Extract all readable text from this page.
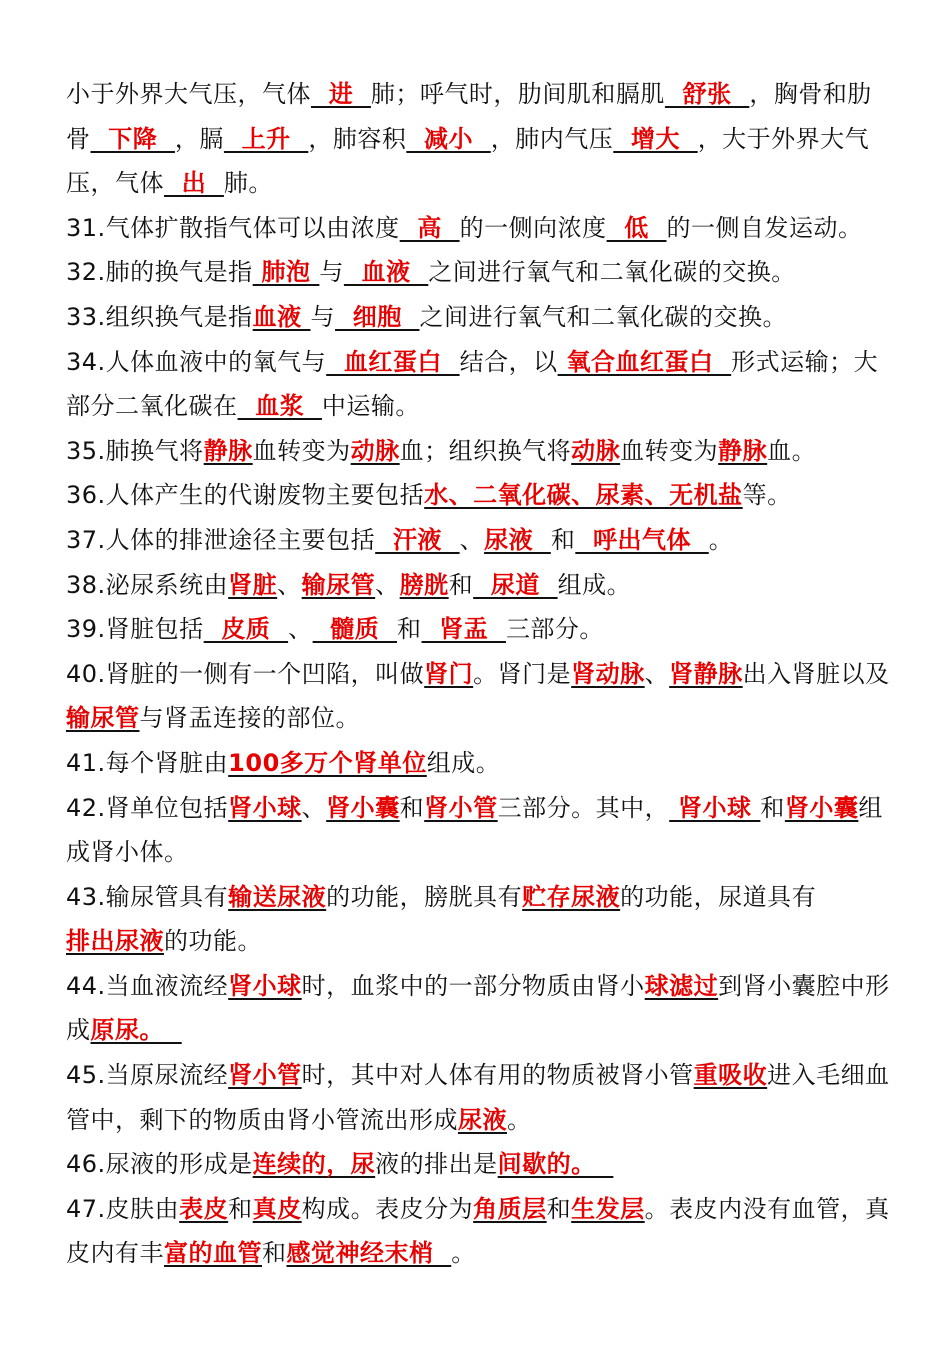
小于外界大气压，气体  进  肺；呼气时，肋间肌和膈肌  舒张  ，胸骨和肋骨  下降  ，膈  上升  ，肺容积  减小  ，肺内气压  增大  ，大于外界大气压，气体  出  肺。

31.气体扩散指气体可以由浓度  高  的一侧向浓度  低  的一侧自发运动。

32.肺的换气是指 肺泡 与  血液  之间进行氧气和二氧化碳的交换。

33.组织换气是指血液 与  细胞  之间进行氧气和二氧化碳的交换。

34.人体血液中的氧气与  血红蛋白  结合，以 氧合血红蛋白  形式运输；大部分二氧化碳在  血浆  中运输。

35.肺换气将静脉血转变为动脉血；组织换气将动脉血转变为静脉血。

36.人体产生的代谢废物主要包括水、二氧化碳、尿素、无机盐等。

37.人体的排泄途径主要包括  汗液  、尿液  和  呼出气体  。

38.泌尿系统由肾脏、输尿管、膀胱和  尿道  组成。

39.肾脏包括  皮质  、  髓质  和  肾盂  三部分。

40.肾脏的一侧有一个凹陷，叫做肾门。肾门是肾动脉、肾静脉出入肾脏以及输尿管与肾盂连接的部位。

41.每个肾脏由100多万个肾单位组成。

42.肾单位包括肾小球、肾小囊和肾小管三部分。其中， 肾小球 和肾小囊组成肾小体。

43.输尿管具有输送尿液的功能，膀胱具有贮存尿液的功能，尿道具有排出尿液的功能。

44.当血液流经肾小球时，血浆中的一部分物质由肾小球滤过到肾小囊腔中形成原尿。

45.当原尿流经肾小管时，其中对人体有用的物质被肾小管重吸收进入毛细血管中，剩下的物质由肾小管流出形成尿液。

46.尿液的形成是连续的，尿液的排出是间歇的。

47.皮肤由表皮和真皮构成。表皮分为角质层和生发层。表皮内没有血管，真皮内有丰富的血管和感觉神经末梢  。
